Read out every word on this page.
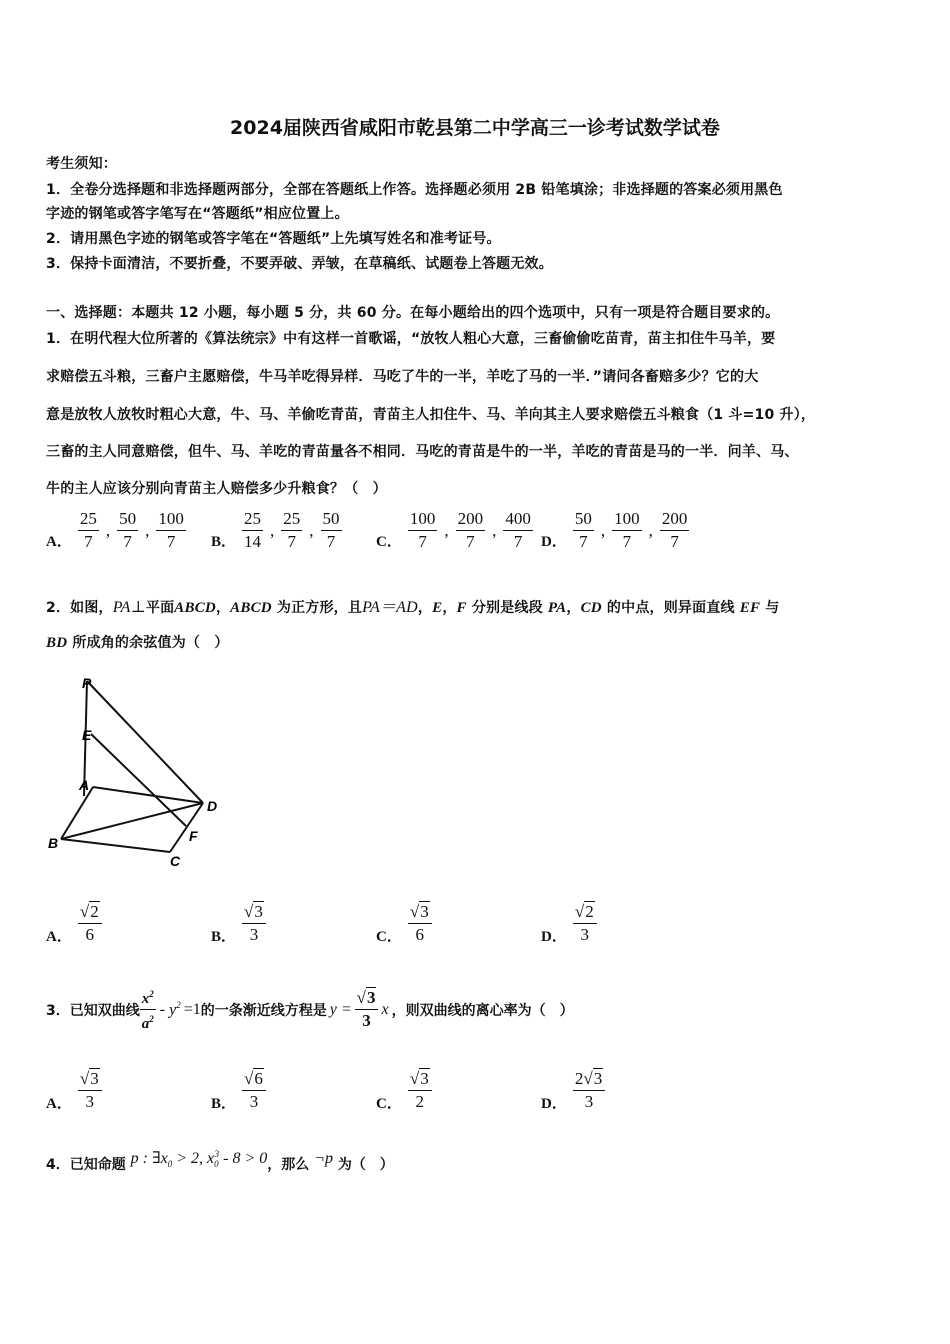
2024届陕西省咸阳市乾县第二中学高三一诊考试数学试卷
考生须知：
1．全卷分选择题和非选择题两部分，全部在答题纸上作答。选择题必须用 2B 铅笔填涂；非选择题的答案必须用黑色
字迹的钢笔或答字笔写在“答题纸”相应位置上。
2．请用黑色字迹的钢笔或答字笔在“答题纸”上先填写姓名和准考证号。
3．保持卡面清洁，不要折叠，不要弄破、弄皱，在草稿纸、试题卷上答题无效。
一、选择题：本题共 12 小题，每小题 5 分，共 60 分。在每小题给出的四个选项中，只有一项是符合题目要求的。
1．在明代程大位所著的《算法统宗》中有这样一首歌谣，“放牧人粗心大意，三畜偷偷吃苗青，苗主扣住牛马羊，要
求赔偿五斗粮，三畜户主愿赔偿，牛马羊吃得异样．马吃了牛的一半，羊吃了马的一半．”请问各畜赔多少？它的大
意是放牧人放牧时粗心大意，牛、马、羊偷吃青苗，青苗主人扣住牛、马、羊向其主人要求赔偿五斗粮食（1 斗=10 升），
三畜的主人同意赔偿，但牛、马、羊吃的青苗量各不相同．马吃的青苗是牛的一半，羊吃的青苗是马的一半．问羊、马、
牛的主人应该分别向青苗主人赔偿多少升粮食？（　）
A． $\frac{25}{7}$ , $\frac{50}{7}$ , $\frac{100}{7}$ B． $\frac{25}{14}$ , $\frac{25}{7}$ , $\frac{50}{7}$ C． $\frac{100}{7}$ , $\frac{200}{7}$ , $\frac{400}{7}$ D． $\frac{50}{7}$ , $\frac{100}{7}$ , $\frac{200}{7}$
2．如图，PA⊥平面ABCD，ABCD 为正方形，且PA＝AD，E，F 分别是线段 PA，CD 的中点，则异面直线 EF 与
BD 所成角的余弦值为（　）
P
E
A
D
B	F
C
A． $\frac{√ 2}{6}$	B． $\frac{√ 3}{3}$	C． $\frac{√ 3}{6}$	D． $\frac{√ 2}{3}$
3．已知双曲线 $\frac{x^2}{a^2} - y^2 =1$ 的一条渐近线方程是 $y = \frac{√ 3}{3}$ x ，则双曲线的离心率为（　）
A． $\frac{√ 3}{3}$	B． $\frac{√ 6}{3}$	C． $\frac{√ 3}{2}$	D． $\frac{2 √ 3}{3}$
4．已知命题 p : $\exists x_0 > 2$, $x_0^3 - 8 > 0$，那么 ¬p 为（　）
